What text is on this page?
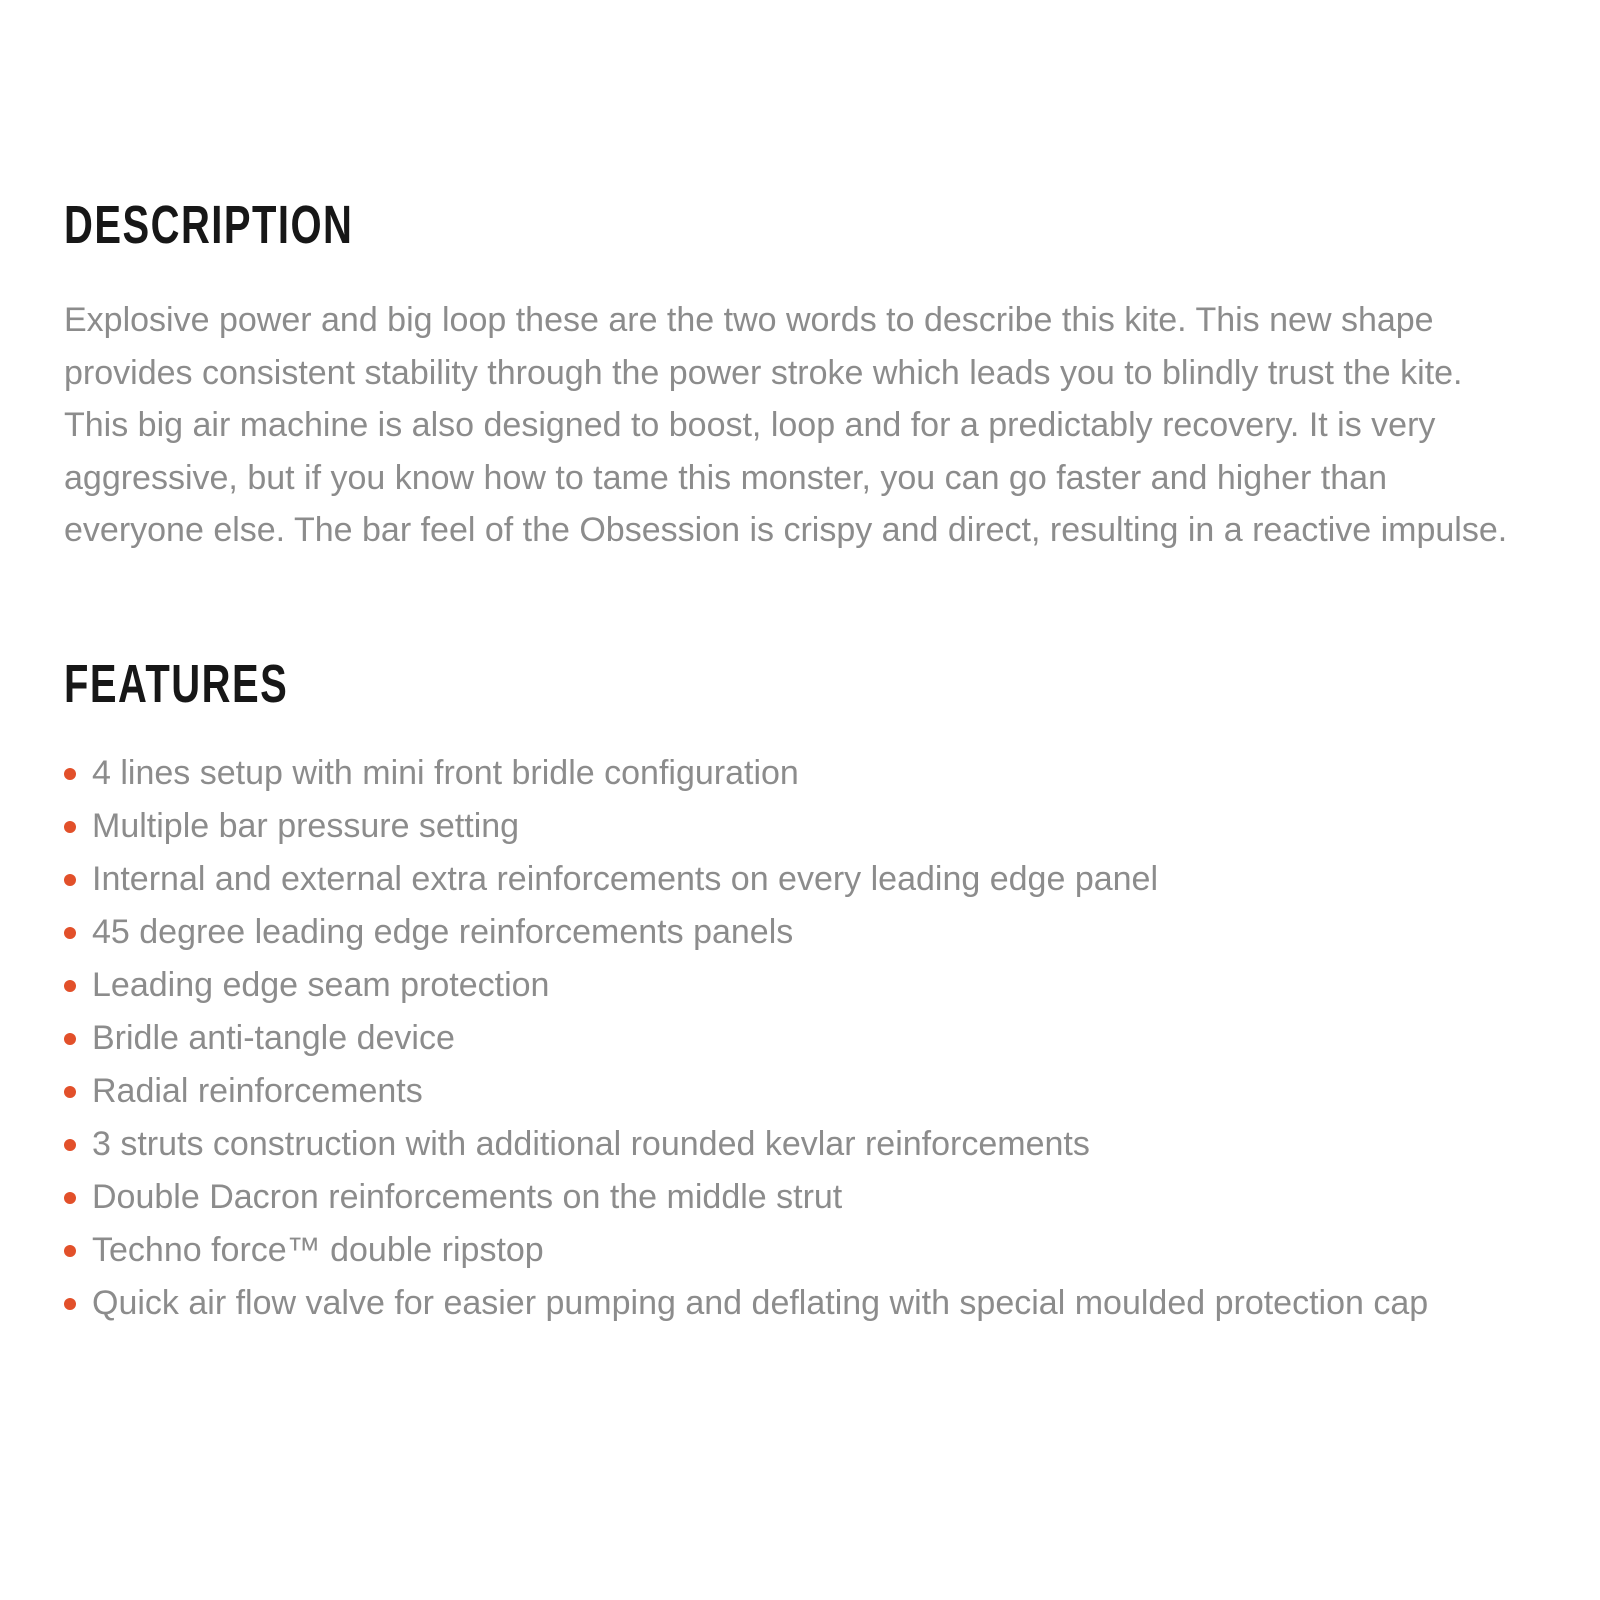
DESCRIPTION

Explosive power and big loop these are the two words to describe this kite. This new shape provides consistent stability through the power stroke which leads you to blindly trust the kite. This big air machine is also designed to boost, loop and for a predictably recovery. It is very aggressive, but if you know how to tame this monster, you can go faster and higher than everyone else. The bar feel of the Obsession is crispy and direct, resulting in a reactive impulse.

FEATURES
4 lines setup with mini front bridle configuration
Multiple bar pressure setting
Internal and external extra reinforcements on every leading edge panel
45 degree leading edge reinforcements panels
Leading edge seam protection
Bridle anti-tangle device
Radial reinforcements
3 struts construction with additional rounded kevlar reinforcements
Double Dacron reinforcements on the middle strut
Techno force™ double ripstop
Quick air flow valve for easier pumping and deflating with special moulded protection cap
